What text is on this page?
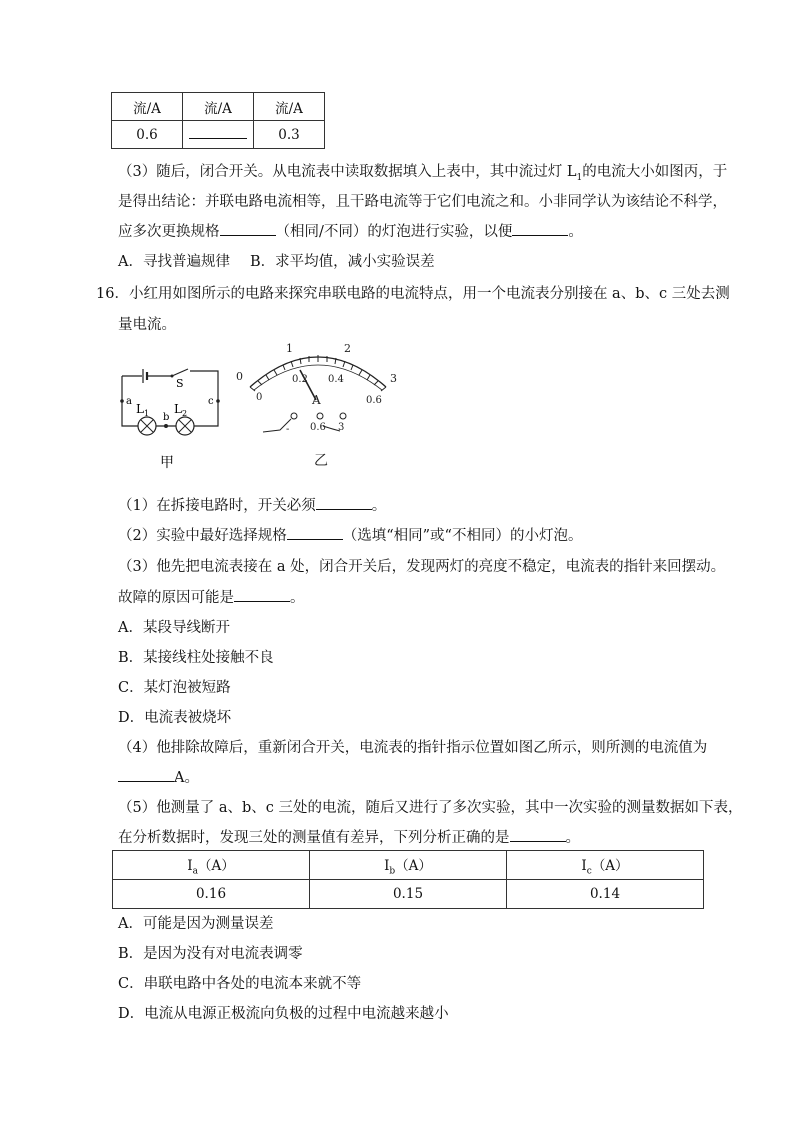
流/A	流/A	流/A
0.6		0.3
（3）随后，闭合开关。从电流表中读取数据填入上表中，其中流过灯 $L_1$的电流大小如图丙，于
是得出结论：并联电路电流相等，且干路电流等于它们电流之和。小非同学认为该结论不科学，
应多次更换规格	（相同/不同）的灯泡进行实验，以便	。
A．寻找普遍规律 B．求平均值，减小实验误差
16．小红用如图所示的电路来探究串联电路的电流特点，用一个电流表分别接在 a、b、c 三处去测
量电流。
S
$L_1$ $L_2$
b
a	c
甲
0
1	2
3
0
0.2 0.4
0.6
A
- 0.6 3
乙
（1）在拆接电路时，开关必须	。
（2）实验中最好选择规格	（选填“相同”或“不相同）的小灯泡。
（3）他先把电流表接在 a 处，闭合开关后，发现两灯的亮度不稳定，电流表的指针来回摆动。
故障的原因可能是	。
A．某段导线断开
B．某接线柱处接触不良
C．某灯泡被短路
D．电流表被烧坏
（4）他排除故障后，重新闭合开关，电流表的指针指示位置如图乙所示，则所测的电流值为
A。
（5）他测量了 a、b、c 三处的电流，随后又进行了多次实验，其中一次实验的测量数据如下表，
在分析数据时，发现三处的测量值有差异，下列分析正确的是	。
$I_a(A)$	$I_b(A)$	$I_c(A)$
0.16	0.15	0.14
A．可能是因为测量误差
B．是因为没有对电流表调零
C．串联电路中各处的电流本来就不等
D．电流从电源正极流向负极的过程中电流越来越小
